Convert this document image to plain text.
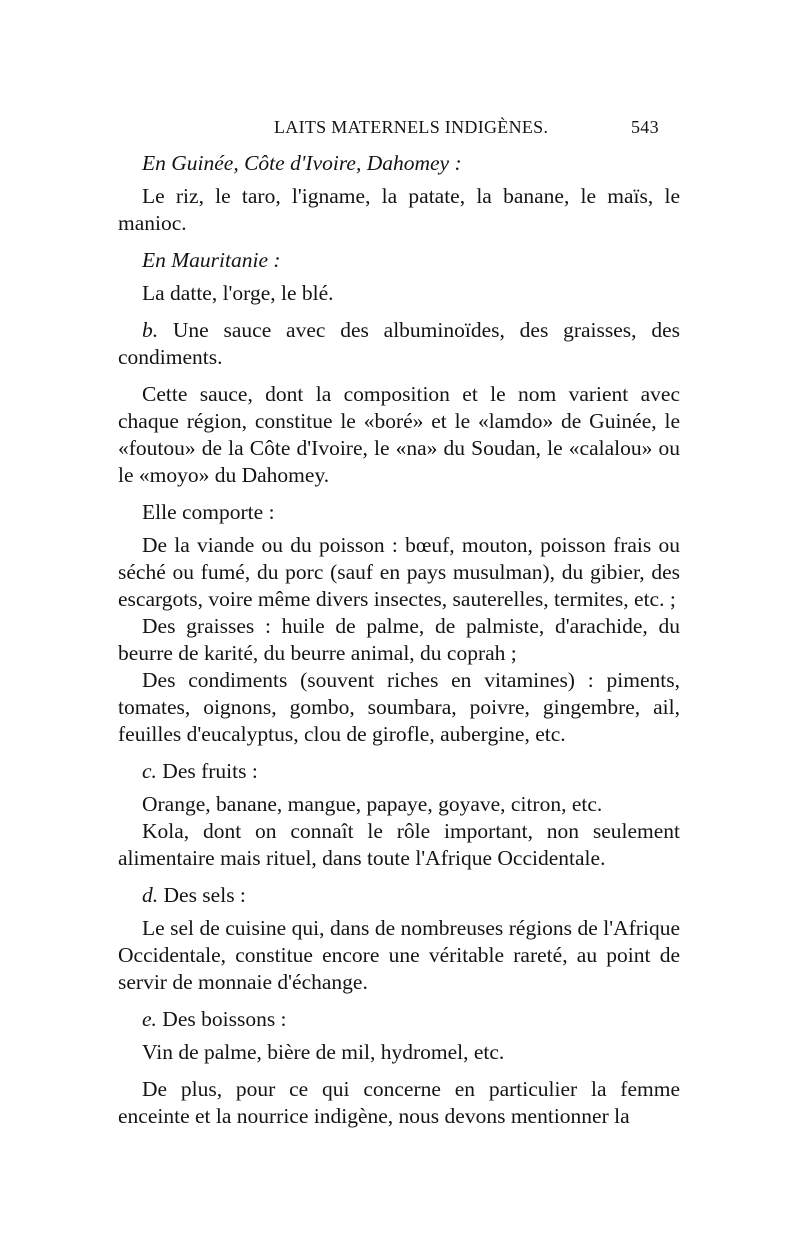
LAITS MATERNELS INDIGÈNES.	543

En Guinée, Côte d'Ivoire, Dahomey :

Le riz, le taro, l'igname, la patate, la banane, le maïs, le manioc.

En Mauritanie :

La datte, l'orge, le blé.

b. Une sauce avec des albuminoïdes, des graisses, des condiments.

Cette sauce, dont la composition et le nom varient avec chaque région, constitue le «boré» et le «lamdo» de Guinée, le «foutou» de la Côte d'Ivoire, le «na» du Soudan, le «calalou» ou le «moyo» du Dahomey.

Elle comporte :

De la viande ou du poisson : bœuf, mouton, poisson frais ou séché ou fumé, du porc (sauf en pays musulman), du gibier, des escargots, voire même divers insectes, sauterelles, termites, etc. ;

Des graisses : huile de palme, de palmiste, d'arachide, du beurre de karité, du beurre animal, du coprah ;

Des condiments (souvent riches en vitamines) : piments, tomates, oignons, gombo, soumbara, poivre, gingembre, ail, feuilles d'eucalyptus, clou de girofle, aubergine, etc.

c. Des fruits :

Orange, banane, mangue, papaye, goyave, citron, etc.

Kola, dont on connaît le rôle important, non seulement alimentaire mais rituel, dans toute l'Afrique Occidentale.

d. Des sels :

Le sel de cuisine qui, dans de nombreuses régions de l'Afrique Occidentale, constitue encore une véritable rareté, au point de servir de monnaie d'échange.

e. Des boissons :

Vin de palme, bière de mil, hydromel, etc.

De plus, pour ce qui concerne en particulier la femme enceinte et la nourrice indigène, nous devons mentionner la
